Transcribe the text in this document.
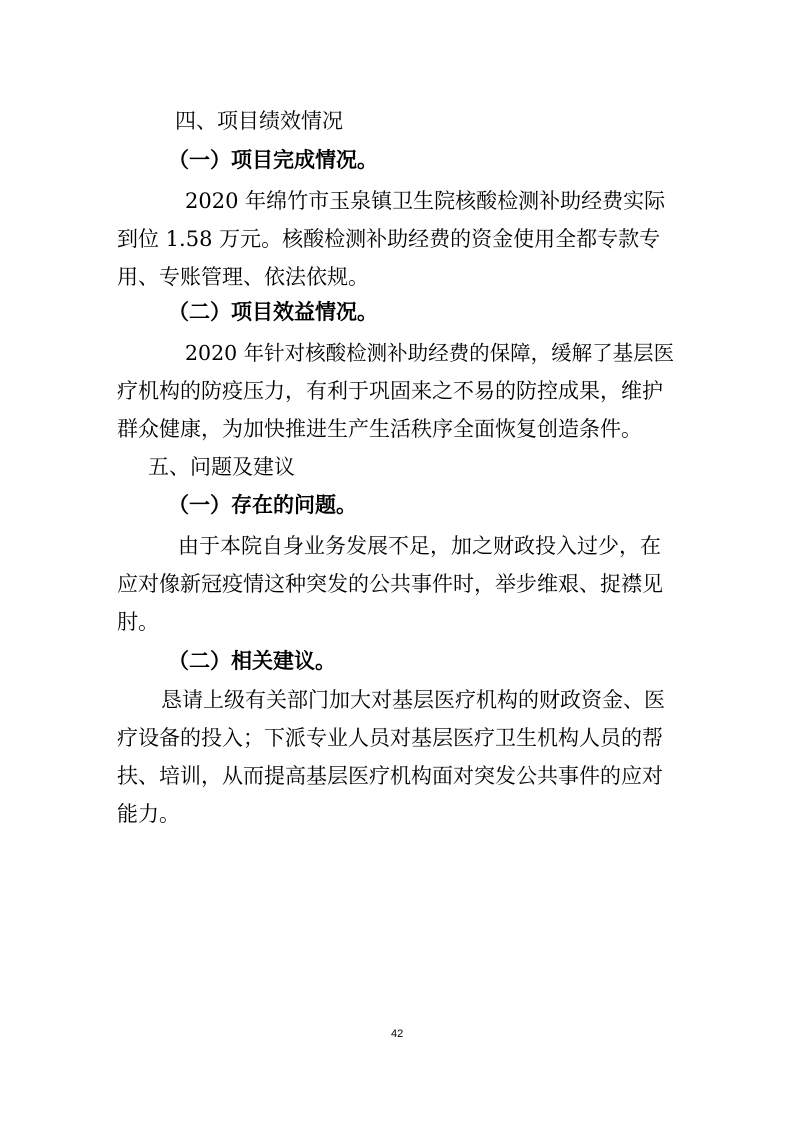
四、项目绩效情况
（一）项目完成情况。
2020 年绵竹市玉泉镇卫生院核酸检测补助经费实际
到位 1.58 万元。核酸检测补助经费的资金使用全都专款专
用、专账管理、依法依规。
（二）项目效益情况。
2020 年针对核酸检测补助经费的保障，缓解了基层医
疗机构的防疫压力，有利于巩固来之不易的防控成果，维护
群众健康，为加快推进生产生活秩序全面恢复创造条件。
五、问题及建议
（一）存在的问题。
由于本院自身业务发展不足，加之财政投入过少，在
应对像新冠疫情这种突发的公共事件时，举步维艰、捉襟见
肘。
（二）相关建议。
恳请上级有关部门加大对基层医疗机构的财政资金、医
疗设备的投入；下派专业人员对基层医疗卫生机构人员的帮
扶、培训，从而提高基层医疗机构面对突发公共事件的应对
能力。
42
